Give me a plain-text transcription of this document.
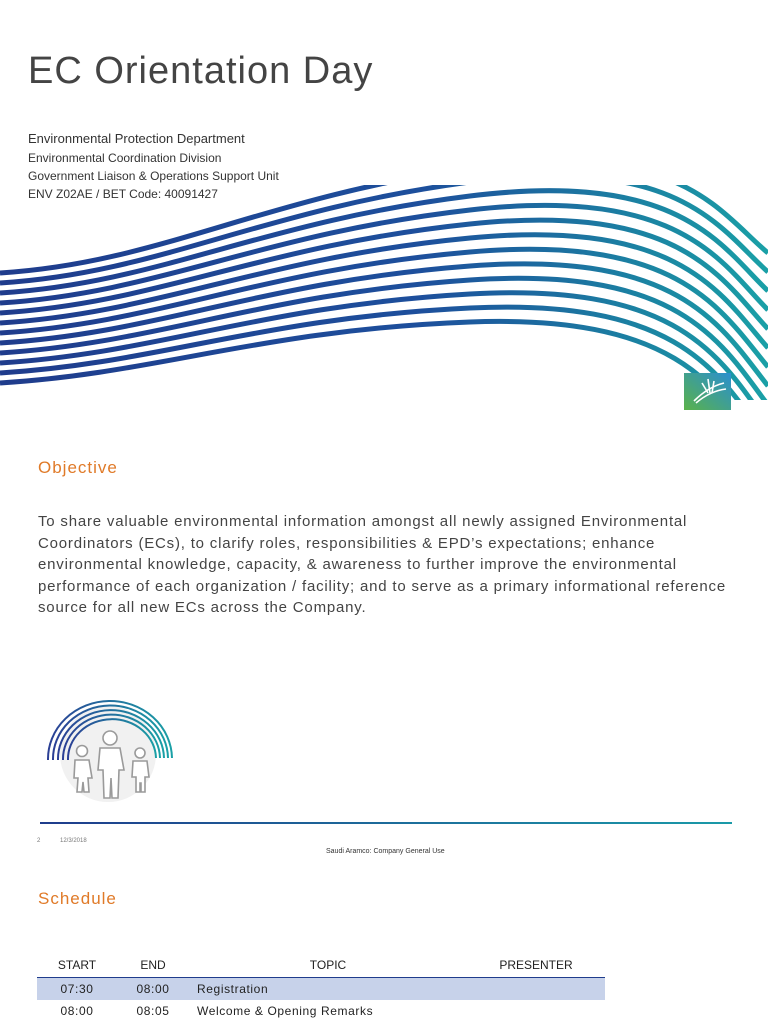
EC Orientation Day
Environmental Protection Department
Environmental Coordination Division
Government Liaison & Operations Support Unit
ENV Z02AE / BET Code: 40091427
Objective

To share valuable environmental information amongst all newly assigned Environmental Coordinators (ECs), to clarify roles, responsibilities & EPD’s expectations; enhance environmental knowledge, capacity, & awareness to further improve the environmental performance of each organization / facility; and to serve as a primary informational reference source for all new ECs across the Company.

2	12/3/2018
Saudi Aramco: Company General Use
Schedule
START	END	TOPIC	PRESENTER
07:30	08:00	Registration	
08:00	08:05	Welcome & Opening Remarks	
